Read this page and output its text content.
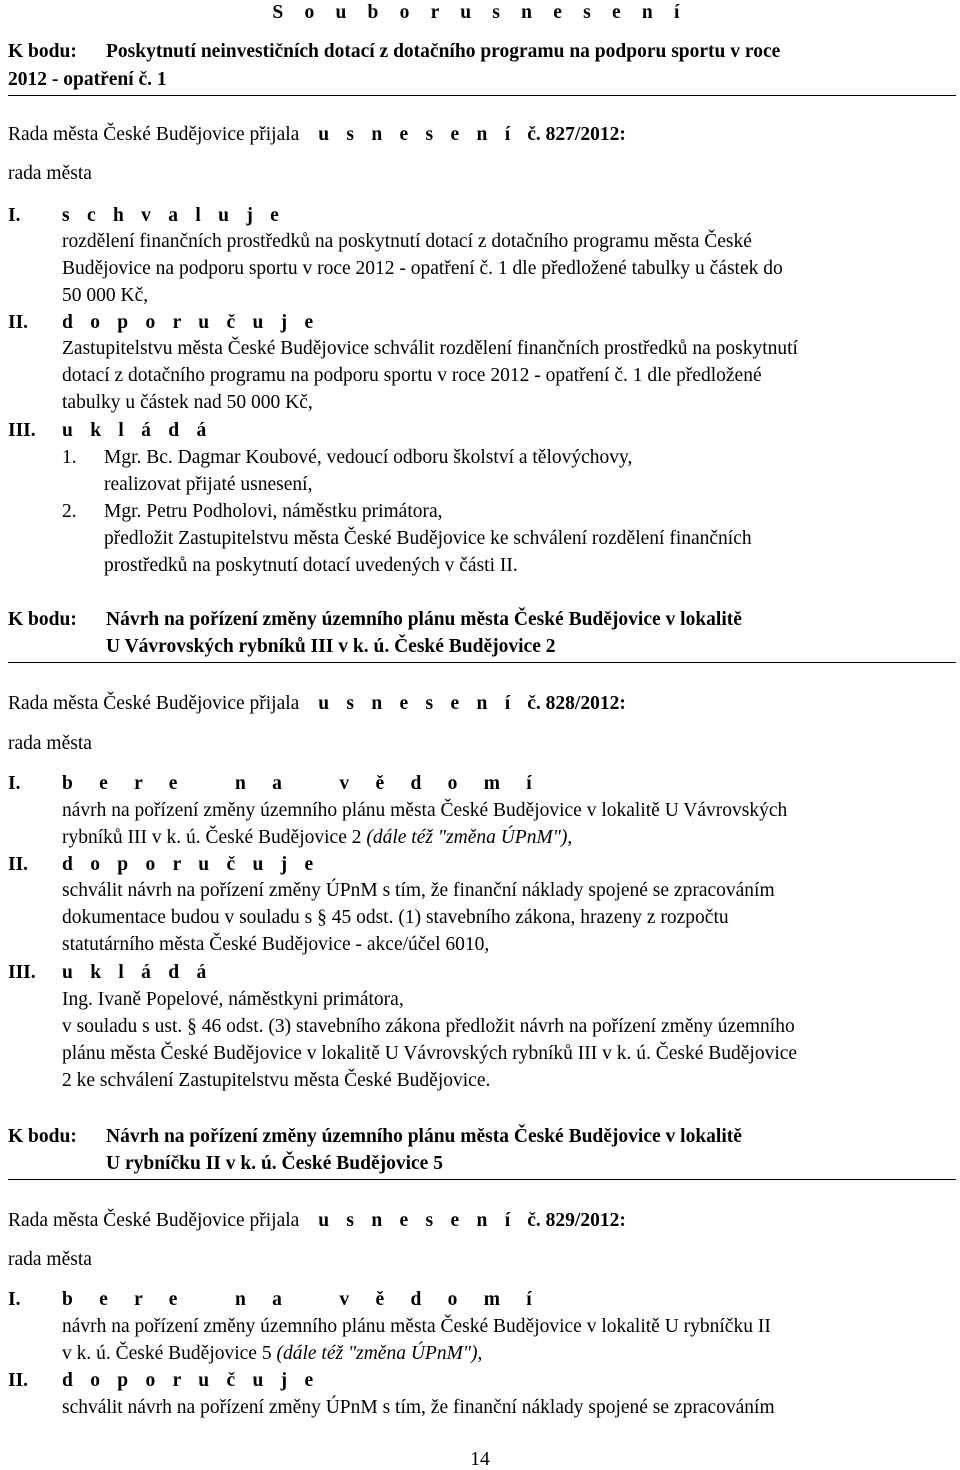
S o u b o r u s n e s e n í
K bodu: Poskytnutí neinvestičních dotací z dotačního programu na podporu sportu v roce
2012 - opatření č. 1
Rada města České Budějovice přijala u s n e s e n í č. 827/2012:
rada města
I. s c h v a l u j e
rozdělení finančních prostředků na poskytnutí dotací z dotačního programu města České
Budějovice na podporu sportu v roce 2012 - opatření č. 1 dle předložené tabulky u částek do
50 000 Kč,
II. d o p o r u č u j e
Zastupitelstvu města České Budějovice schválit rozdělení finančních prostředků na poskytnutí
dotací z dotačního programu na podporu sportu v roce 2012 - opatření č. 1 dle předložené
tabulky u částek nad 50 000 Kč,
III. u k l á d á
1. Mgr. Bc. Dagmar Koubové, vedoucí odboru školství a tělovýchovy,
realizovat přijaté usnesení,
2. Mgr. Petru Podholovi, náměstku primátora,
předložit Zastupitelstvu města České Budějovice ke schválení rozdělení finančních
prostředků na poskytnutí dotací uvedených v části II.
K bodu: Návrh na pořízení změny územního plánu města České Budějovice v lokalitě
U Vávrovských rybníků III v k. ú. České Budějovice 2
Rada města České Budějovice přijala u s n e s e n í č. 828/2012:
rada města
I. b e r e   n a   v ě d o m í
návrh na pořízení změny územního plánu města České Budějovice v lokalitě U Vávrovských
rybníků III v k. ú. České Budějovice 2 (dále též "změna ÚPnM"),
II. d o p o r u č u j e
schválit návrh na pořízení změny ÚPnM s tím, že finanční náklady spojené se zpracováním
dokumentace budou v souladu s § 45 odst. (1) stavebního zákona, hrazeny z rozpočtu
statutárního města České Budějovice - akce/účel 6010,
III. u k l á d á
Ing. Ivaně Popelové, náměstkyni primátora,
v souladu s ust. § 46 odst. (3) stavebního zákona předložit návrh na pořízení změny územního
plánu města České Budějovice v lokalitě U Vávrovských rybníků III v k. ú. České Budějovice
2 ke schválení Zastupitelstvu města České Budějovice.
K bodu: Návrh na pořízení změny územního plánu města České Budějovice v lokalitě
U rybníčku II v k. ú. České Budějovice 5
Rada města České Budějovice přijala u s n e s e n í č. 829/2012:
rada města
I. b e r e   n a   v ě d o m í
návrh na pořízení změny územního plánu města České Budějovice v lokalitě U rybníčku II
v k. ú. České Budějovice 5 (dále též "změna ÚPnM"),
II. d o p o r u č u j e
schválit návrh na pořízení změny ÚPnM s tím, že finanční náklady spojené se zpracováním
14
